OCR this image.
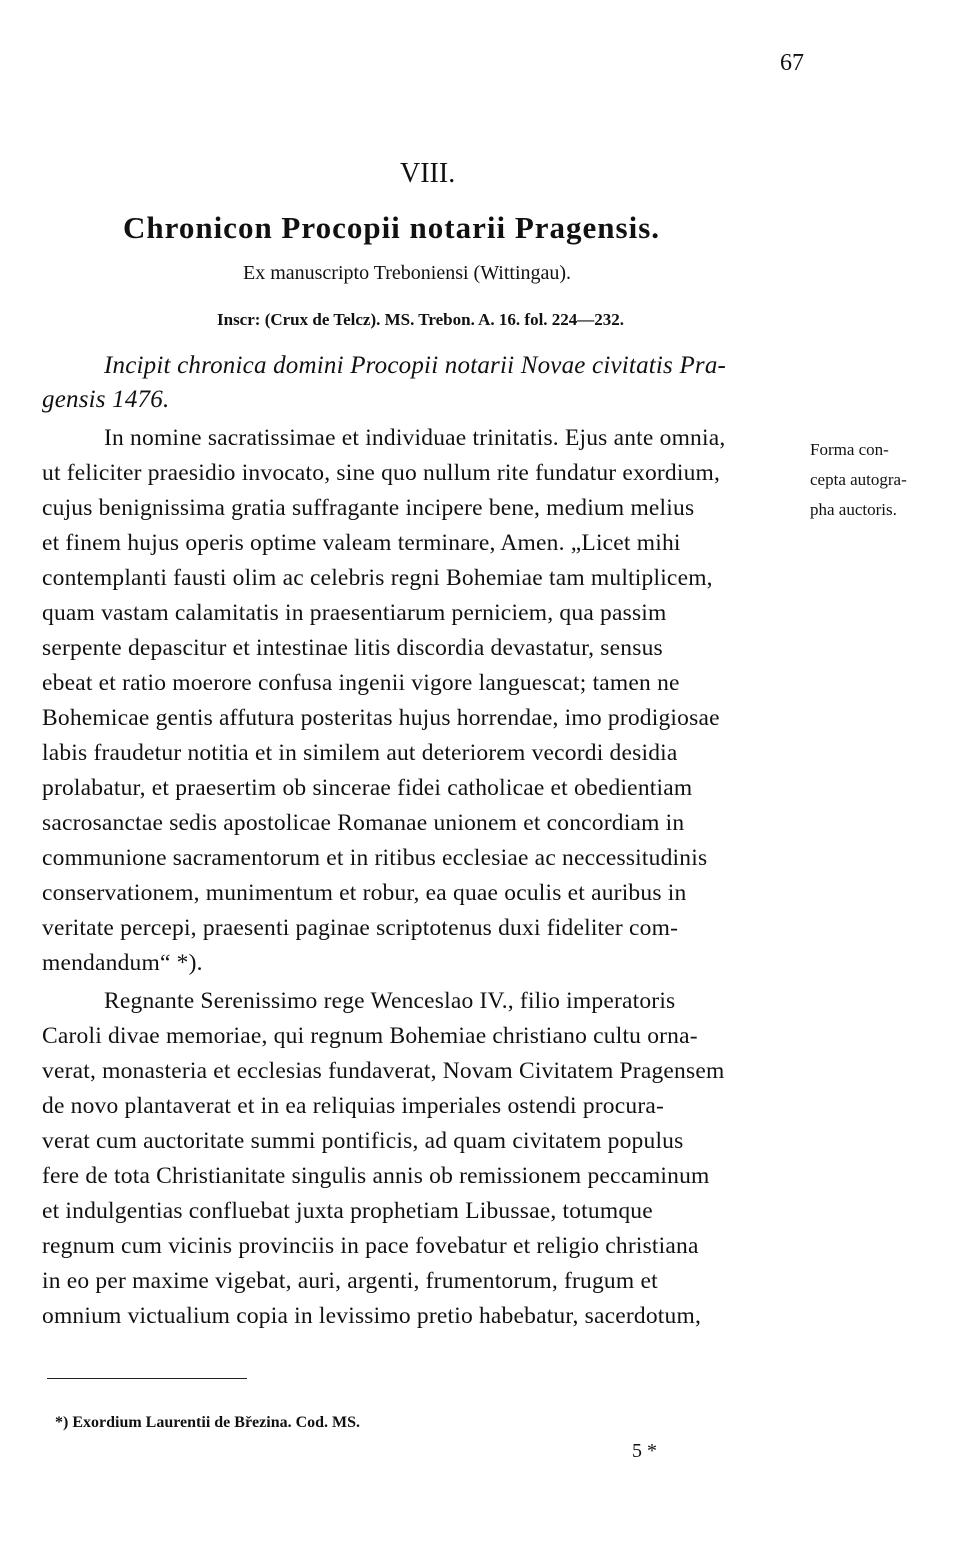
67
VIII.
Chronicon Procopii notarii Pragensis.
Ex manuscripto Treboniensi (Wittingau).
Inscr: (Crux de Telcz). MS. Trebon. A. 16. fol. 224—232.
Incipit chronica domini Procopii notarii Novae civitatis Pra-
gensis 1476.
In nomine sacratissimae et individuae trinitatis. Ejus ante omnia,
ut feliciter praesidio invocato, sine quo nullum rite fundatur exordium,
cujus benignissima gratia suffragante incipere bene, medium melius
et finem hujus operis optime valeam terminare, Amen. „Licet mihi
contemplanti fausti olim ac celebris regni Bohemiae tam multiplicem,
quam vastam calamitatis in praesentiarum perniciem, qua passim
serpente depascitur et intestinae litis discordia devastatur, sensus
ebeat et ratio moerore confusa ingenii vigore languescat; tamen ne
Bohemicae gentis affutura posteritas hujus horrendae, imo prodigiosae
labis fraudetur notitia et in similem aut deteriorem vecordi desidia
prolabatur, et praesertim ob sincerae fidei catholicae et obedientiam
sacrosanctae sedis apostolicae Romanae unionem et concordiam in
communione sacramentorum et in ritibus ecclesiae ac neccessitudinis
conservationem, munimentum et robur, ea quae oculis et auribus in
veritate percepi, praesenti paginae scriptotenus duxi fideliter com-
mendandum“ *).
Regnante Serenissimo rege Wenceslao IV., filio imperatoris
Caroli divae memoriae, qui regnum Bohemiae christiano cultu orna-
verat, monasteria et ecclesias fundaverat, Novam Civitatem Pragensem
de novo plantaverat et in ea reliquias imperiales ostendi procura-
verat cum auctoritate summi pontificis, ad quam civitatem populus
fere de tota Christianitate singulis annis ob remissionem peccaminum
et indulgentias confluebat juxta prophetiam Libussae, totumque
regnum cum vicinis provinciis in pace fovebatur et religio christiana
in eo per maxime vigebat, auri, argenti, frumentorum, frugum et
omnium victualium copia in levissimo pretio habebatur, sacerdotum,
Forma con-
cepta autogra-
pha auctoris.
*) Exordium Laurentii de Březina. Cod. MS.
5 *
